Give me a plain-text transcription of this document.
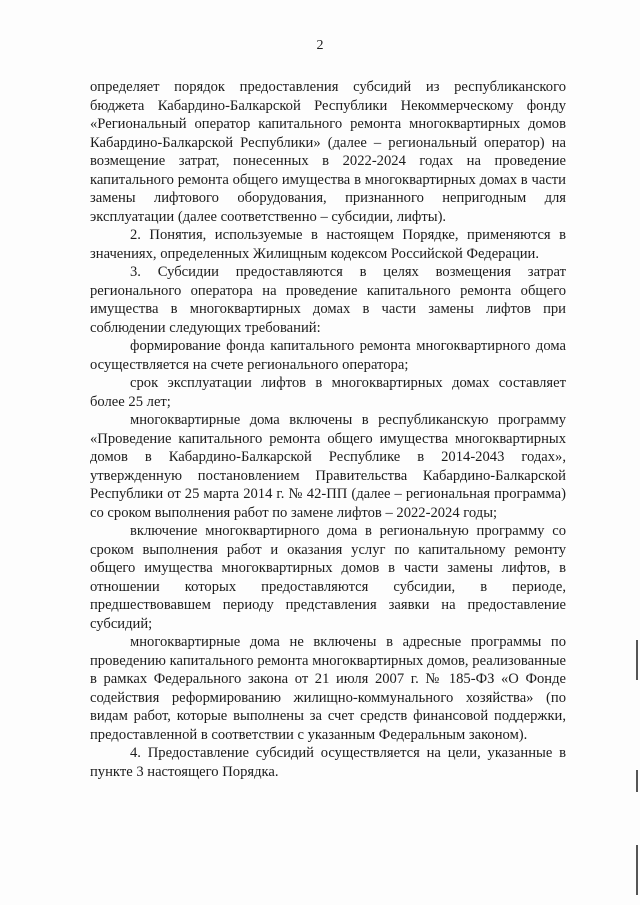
2

определяет порядок предоставления субсидий из республиканского бюджета Кабардино-Балкарской Республики Некоммерческому фонду «Региональный оператор капитального ремонта многоквартирных домов Кабардино-Балкарской Республики» (далее – региональный оператор) на возмещение затрат, понесенных в 2022-2024 годах на проведение капитального ремонта общего имущества в многоквартирных домах в части замены лифтового оборудования, признанного непригодным для эксплуатации (далее соответственно – субсидии, лифты).

2. Понятия, используемые в настоящем Порядке, применяются в значениях, определенных Жилищным кодексом Российской Федерации.

3. Субсидии предоставляются в целях возмещения затрат регионального оператора на проведение капитального ремонта общего имущества в многоквартирных домах в части замены лифтов при соблюдении следующих требований:

формирование фонда капитального ремонта многоквартирного дома осуществляется на счете регионального оператора;

срок эксплуатации лифтов в многоквартирных домах составляет более 25 лет;

многоквартирные дома включены в республиканскую программу «Проведение капитального ремонта общего имущества многоквартирных домов в Кабардино-Балкарской Республике в 2014-2043 годах», утвержденную постановлением Правительства Кабардино-Балкарской Республики от 25 марта 2014 г. № 42-ПП (далее – региональная программа) со сроком выполнения работ по замене лифтов – 2022-2024 годы;

включение многоквартирного дома в региональную программу со сроком выполнения работ и оказания услуг по капитальному ремонту общего имущества многоквартирных домов в части замены лифтов, в отношении которых предоставляются субсидии, в периоде, предшествовавшем периоду представления заявки на предоставление субсидий;

многоквартирные дома не включены в адресные программы по проведению капитального ремонта многоквартирных домов, реализованные в рамках Федерального закона от 21 июля 2007 г. № 185-ФЗ «О Фонде содействия реформированию жилищно-коммунального хозяйства» (по видам работ, которые выполнены за счет средств финансовой поддержки, предоставленной в соответствии с указанным Федеральным законом).

4. Предоставление субсидий осуществляется на цели, указанные в пункте 3 настоящего Порядка.
